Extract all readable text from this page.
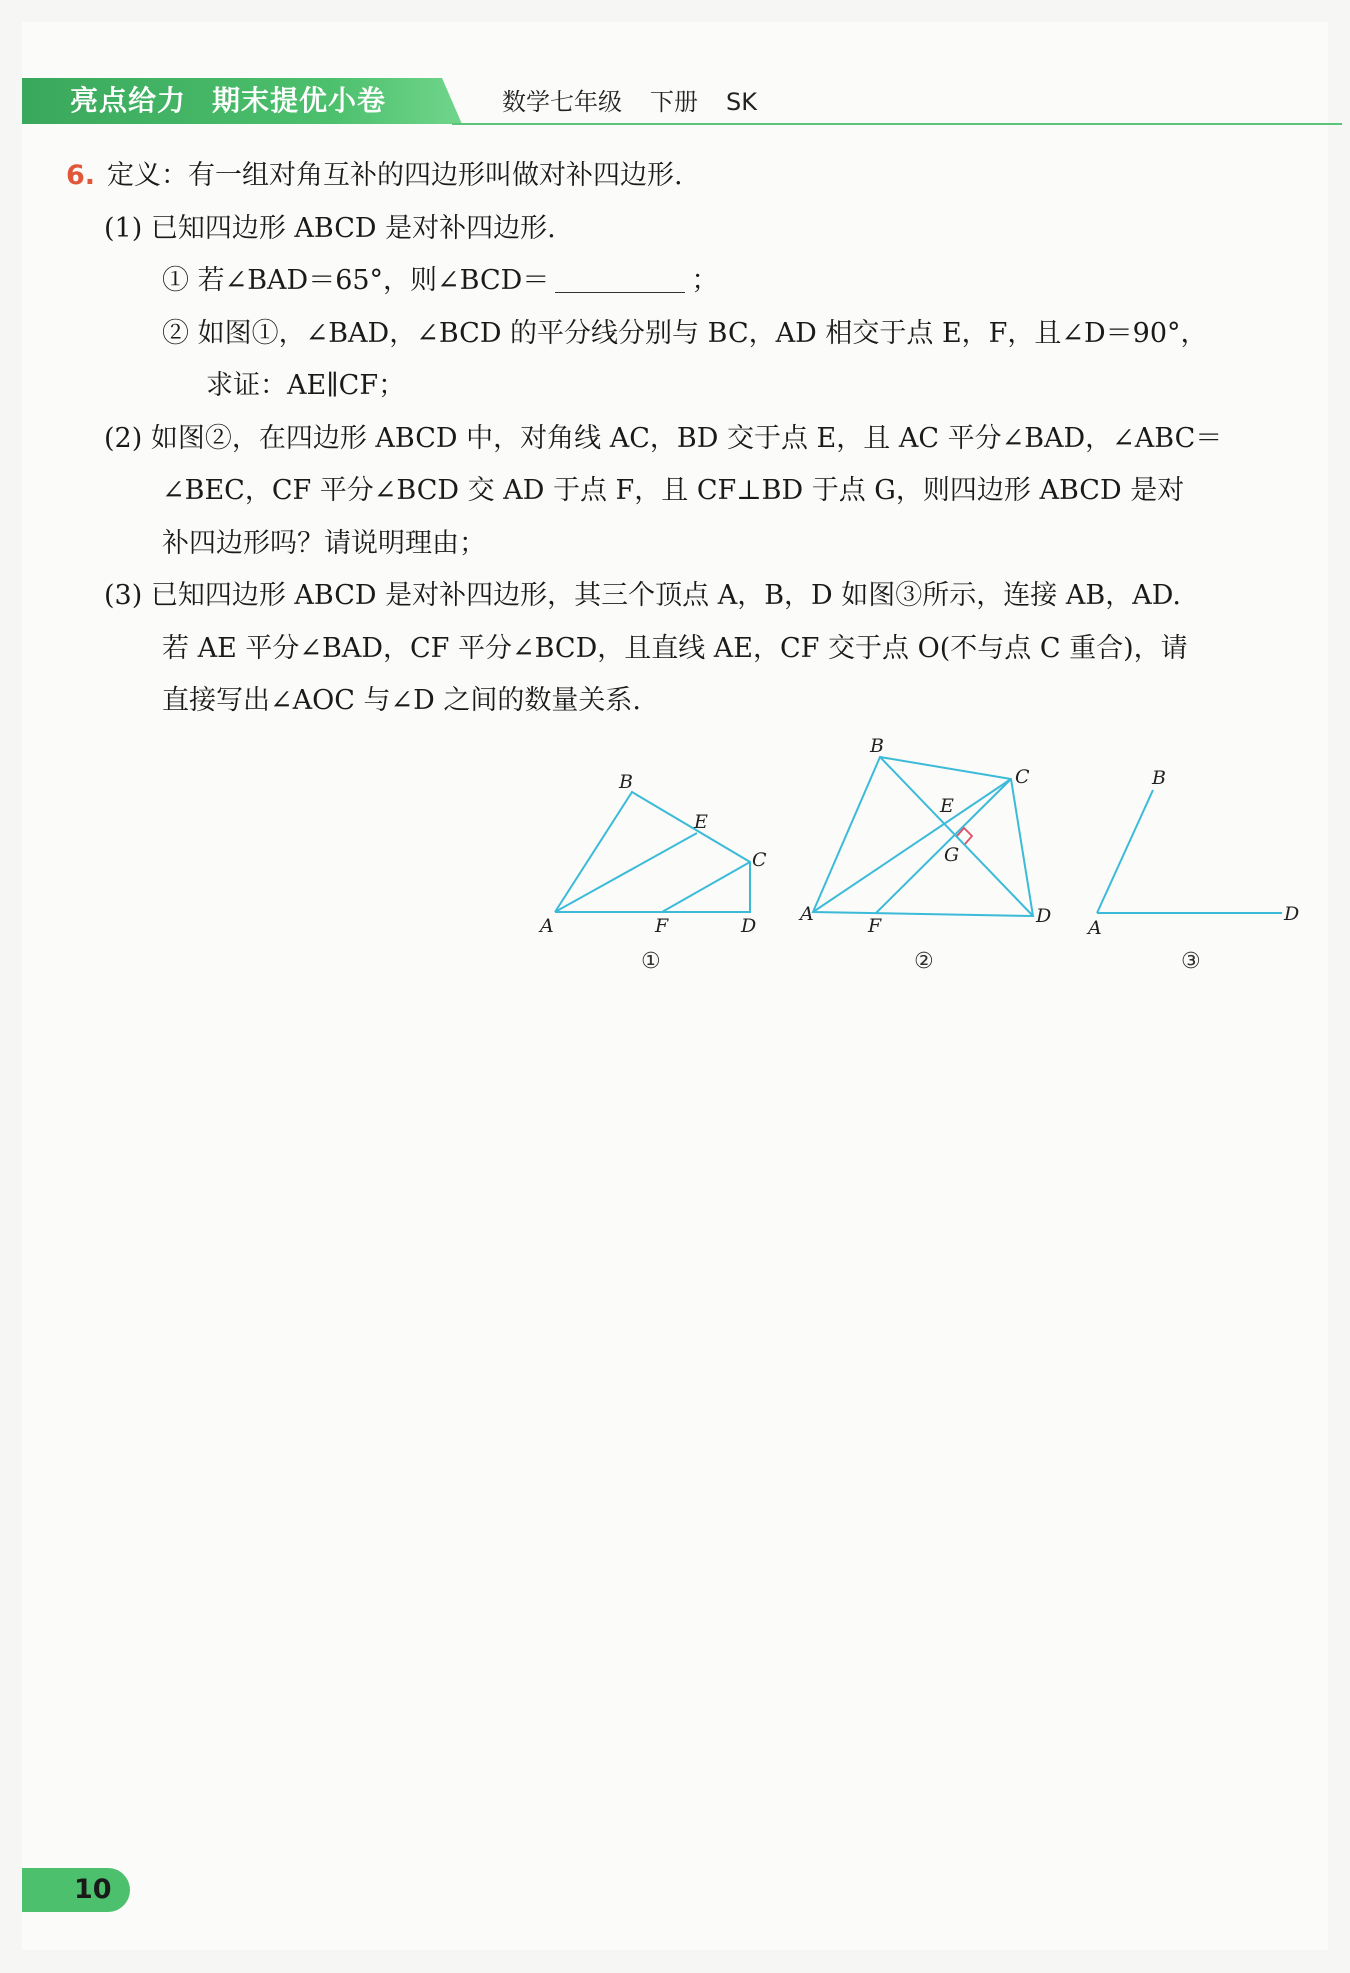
亮点给力 期末提优小卷	数学七年级 下册 SK
6. 定义：有一组对角互补的四边形叫做对补四边形.
(1) 已知四边形 ABCD 是对补四边形.
① 若∠BAD＝65°，则∠BCD＝	；
② 如图①，∠BAD，∠BCD 的平分线分别与 BC，AD 相交于点 E，F，且∠D＝90°，
求证：AE∥CF；
(2) 如图②，在四边形 ABCD 中，对角线 AC，BD 交于点 E，且 AC 平分∠BAD，∠ABC＝
∠BEC，CF 平分∠BCD 交 AD 于点 F，且 CF⊥BD 于点 G，则四边形 ABCD 是对
补四边形吗？请说明理由；
(3) 已知四边形 ABCD 是对补四边形，其三个顶点 A，B，D 如图③所示，连接 AB，AD.
若 AE 平分∠BAD，CF 平分∠BCD，且直线 AE，CF 交于点 O(不与点 C 重合)，请
直接写出∠AOC 与∠D 之间的数量关系.
B
E
C
A	F	D
①
B
C
E
G
A
F	D
②
B
A
D
③
10
